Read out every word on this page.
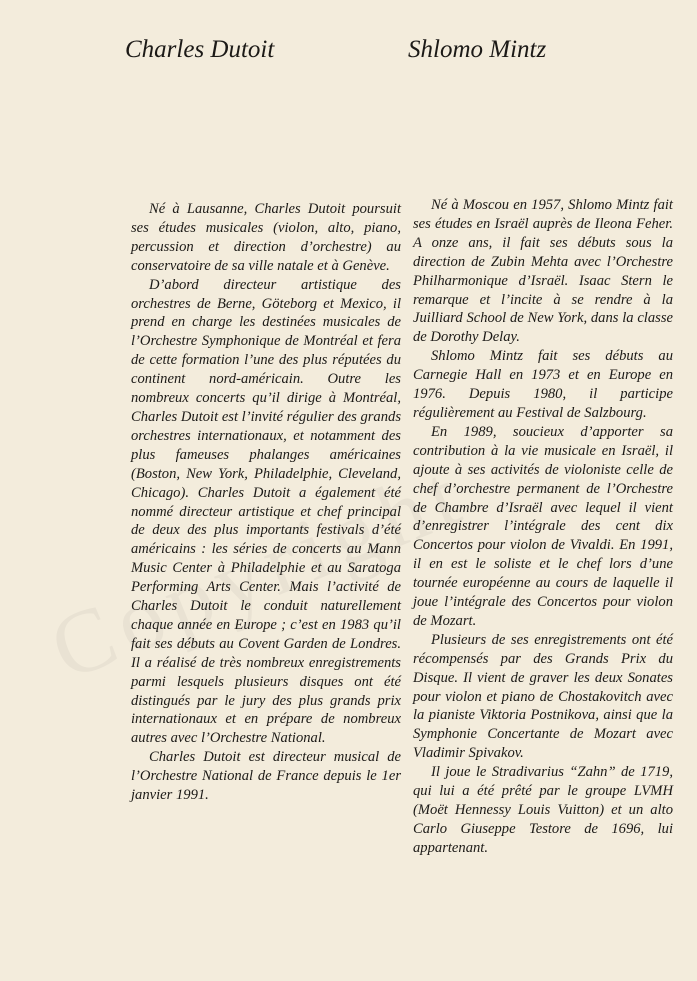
Charles Dutoit	Shlomo Mintz

Né à Lausanne, Charles Dutoit poursuit ses études musicales (violon, alto, piano, percussion et direction d’orchestre) au conservatoire de sa ville natale et à Genève.

D’abord directeur artistique des orchestres de Berne, Göteborg et Mexico, il prend en charge les destinées musicales de l’Orchestre Symphonique de Montréal et fera de cette formation l’une des plus réputées du continent nord-américain. Outre les nombreux concerts qu’il dirige à Montréal, Charles Dutoit est l’invité régulier des grands orchestres internationaux, et notamment des plus fameuses phalanges américaines (Boston, New York, Philadelphie, Cleveland, Chicago). Charles Dutoit a également été nommé directeur artistique et chef principal de deux des plus importants festivals d’été américains : les séries de concerts au Mann Music Center à Philadelphie et au Saratoga Performing Arts Center. Mais l’activité de Charles Dutoit le conduit naturellement chaque année en Europe ; c’est en 1983 qu’il fait ses débuts au Covent Garden de Londres. Il a réalisé de très nombreux enregistrements parmi lesquels plusieurs disques ont été distingués par le jury des plus grands prix internationaux et en prépare de nombreux autres avec l’Orchestre National.

Charles Dutoit est directeur musical de l’Orchestre National de France depuis le 1er janvier 1991.

Né à Moscou en 1957, Shlomo Mintz fait ses études en Israël auprès de Ileona Feher. A onze ans, il fait ses débuts sous la direction de Zubin Mehta avec l’Orchestre Philharmonique d’Israël. Isaac Stern le remarque et l’incite à se rendre à la Juilliard School de New York, dans la classe de Dorothy Delay.

Shlomo Mintz fait ses débuts au Carnegie Hall en 1973 et en Europe en 1976. Depuis 1980, il participe régulièrement au Festival de Salzbourg.

En 1989, soucieux d’apporter sa contribution à la vie musicale en Israël, il ajoute à ses activités de violoniste celle de chef d’orchestre permanent de l’Orchestre de Chambre d’Israël avec lequel il vient d’enregistrer l’intégrale des cent dix Concertos pour violon de Vivaldi. En 1991, il en est le soliste et le chef lors d’une tournée européenne au cours de laquelle il joue l’intégrale des Concertos pour violon de Mozart.

Plusieurs de ses enregistrements ont été récompensés par des Grands Prix du Disque. Il vient de graver les deux Sonates pour violon et piano de Chostakovitch avec la pianiste Viktoria Postnikova, ainsi que la Symphonie Concertante de Mozart avec Vladimir Spivakov.

Il joue le Stradivarius “Zahn” de 1719, qui lui a été prêté par le groupe LVMH (Moët Hennessy Louis Vuitton) et un alto Carlo Giuseppe Testore de 1696, lui appartenant.
